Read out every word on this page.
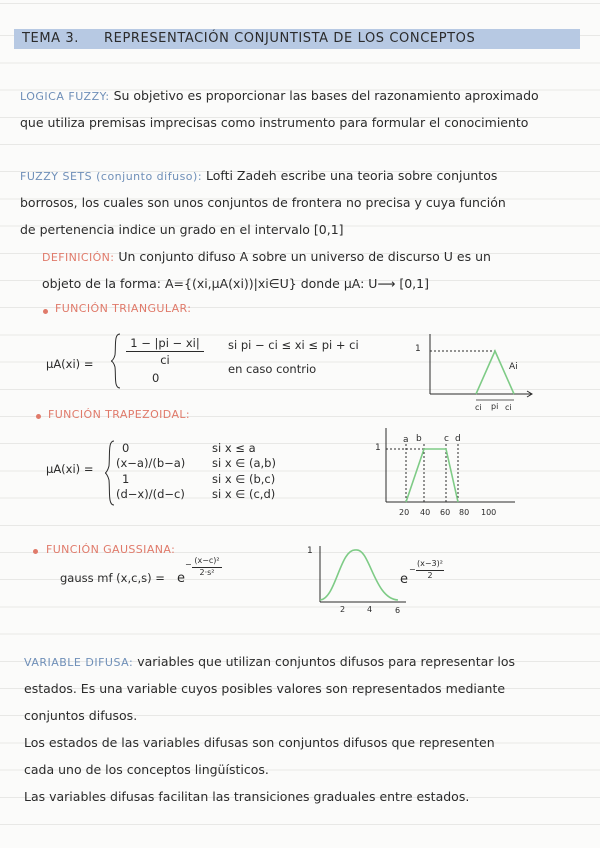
TEMA 3. REPRESENTACIÓN CONJUNTISTA DE LOS CONCEPTOS
LOGICA FUZZY: Su objetivo es proporcionar las bases del razonamiento aproximado
que utiliza premisas imprecisas como instrumento para formular el conocimiento
FUZZY SETS (conjunto difuso): Lofti Zadeh escribe una teoria sobre conjuntos
borrosos, los cuales son unos conjuntos de frontera no precisa y cuya función
de pertenencia indice un grado en el intervalo [0,1]
DEFINICIÓN: Un conjunto difuso A sobre un universo de discurso U es un
objeto de la forma: A={(xi,μA(xi))|xi∈U} donde μA: U⟶ [0,1]
FUNCIÓN TRIANGULAR:
μA(xi) =
1 − |pi − xi|
ci
0
si pi − ci ≤ xi ≤ pi + ci
en caso contrio
1
Ai
ci pi ci
FUNCIÓN TRAPEZOIDAL:
μA(xi) =
0
(x−a)/(b−a)
1
(d−x)/(d−c)
si x ≤ a
si x ∈ (a,b)
si x ∈ (b,c)
si x ∈ (c,d)
1
a b c d
20 40 60 80 100
FUNCIÓN GAUSSIANA:
gauss mf (x,c,s) = e
− (x−c)²
2·s²
1
2	4	6
e
−
(x−3)²
2
VARIABLE DIFUSA: variables que utilizan conjuntos difusos para representar los
estados. Es una variable cuyos posibles valores son representados mediante
conjuntos difusos.
Los estados de las variables difusas son conjuntos difusos que representen
cada uno de los conceptos lingüísticos.
Las variables difusas facilitan las transiciones graduales entre estados.
